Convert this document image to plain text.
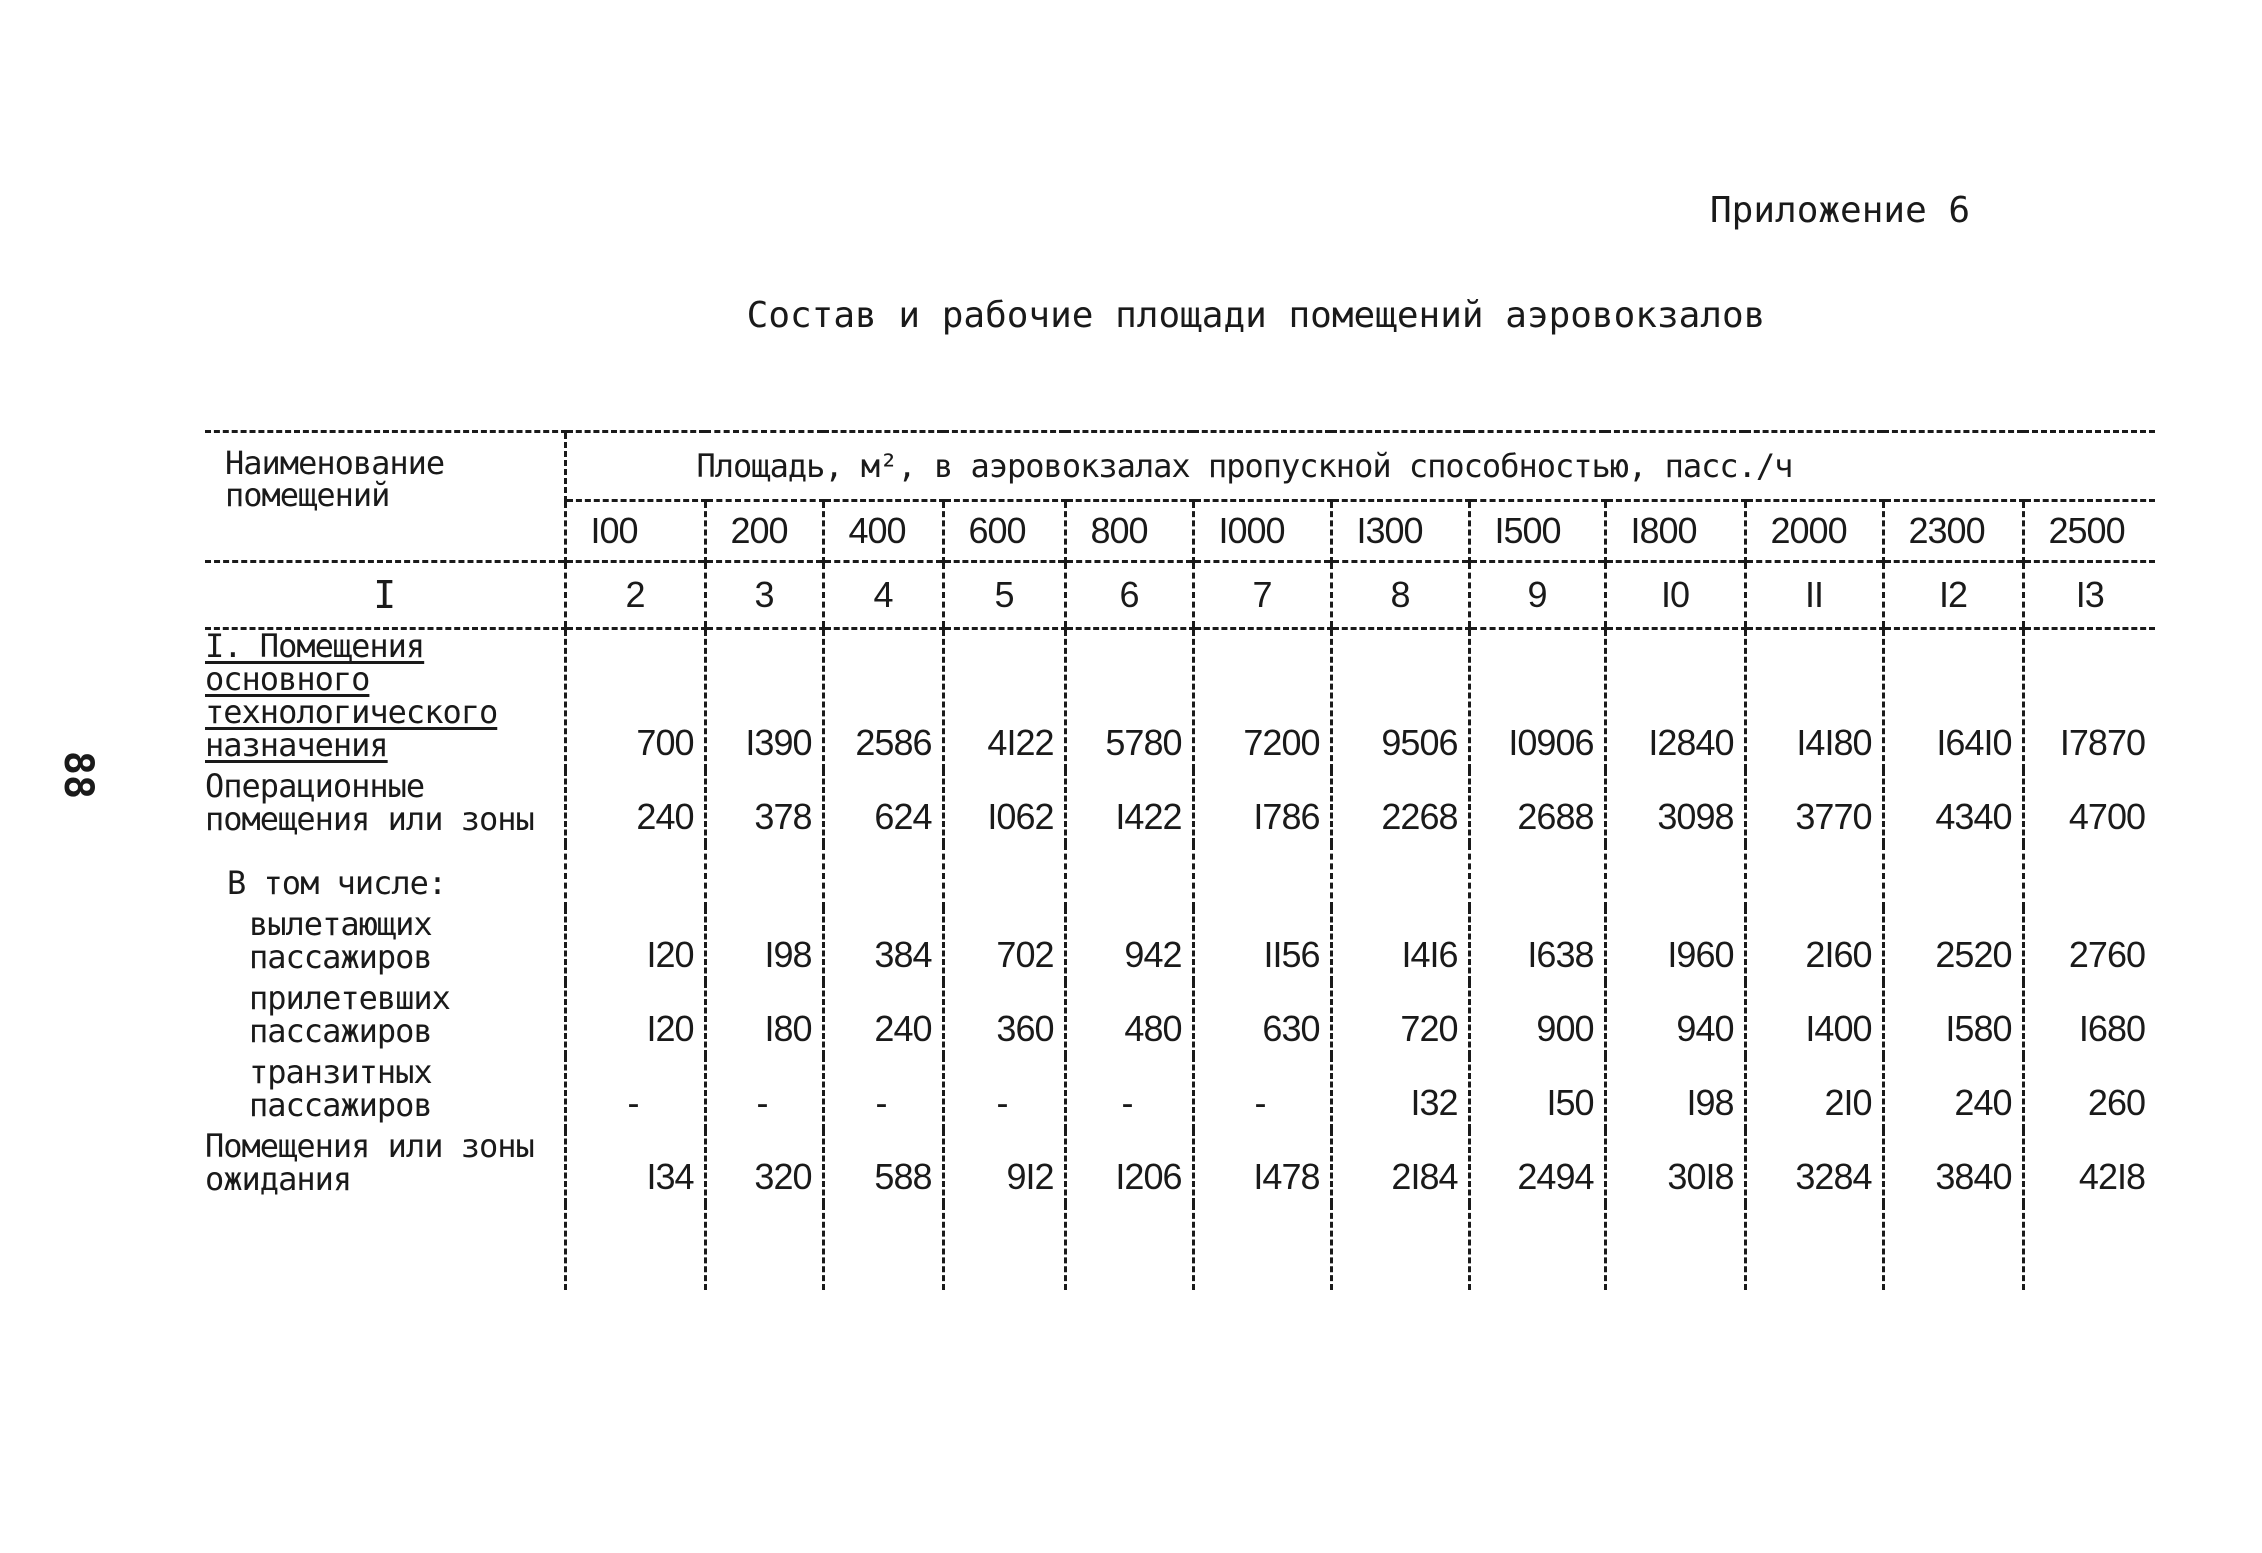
88
Приложение 6
Состав и рабочие площади помещений аэровокзалов
Наименование помещений	Площадь, м², в аэровокзалах пропускной способностью, пасс./ч											
	I00	200	400	600	800	I000	I300	I500	I800	2000	2300	2500
I	2	3	4	5	6	7	8	9	I0	II	I2	I3
I. Помещения основного технологического назначения	700	I390	2586	4I22	5780	7200	9506	I0906	I2840	I4I80	I64I0	I7870
Операционные помещения или зоны	240	378	624	I062	I422	I786	2268	2688	3098	3770	4340	4700
В том числе:												
вылетающих пассажиров	I20	I98	384	702	942	II56	I4I6	I638	I960	2I60	2520	2760
прилетевших пассажиров	I20	I80	240	360	480	630	720	900	940	I400	I580	I680
транзитных пассажиров	-	-	-	-	-	-	I32	I50	I98	2I0	240	260
Помещения или зоны ожидания	I34	320	588	9I2	I206	I478	2I84	2494	30I8	3284	3840	42I8
